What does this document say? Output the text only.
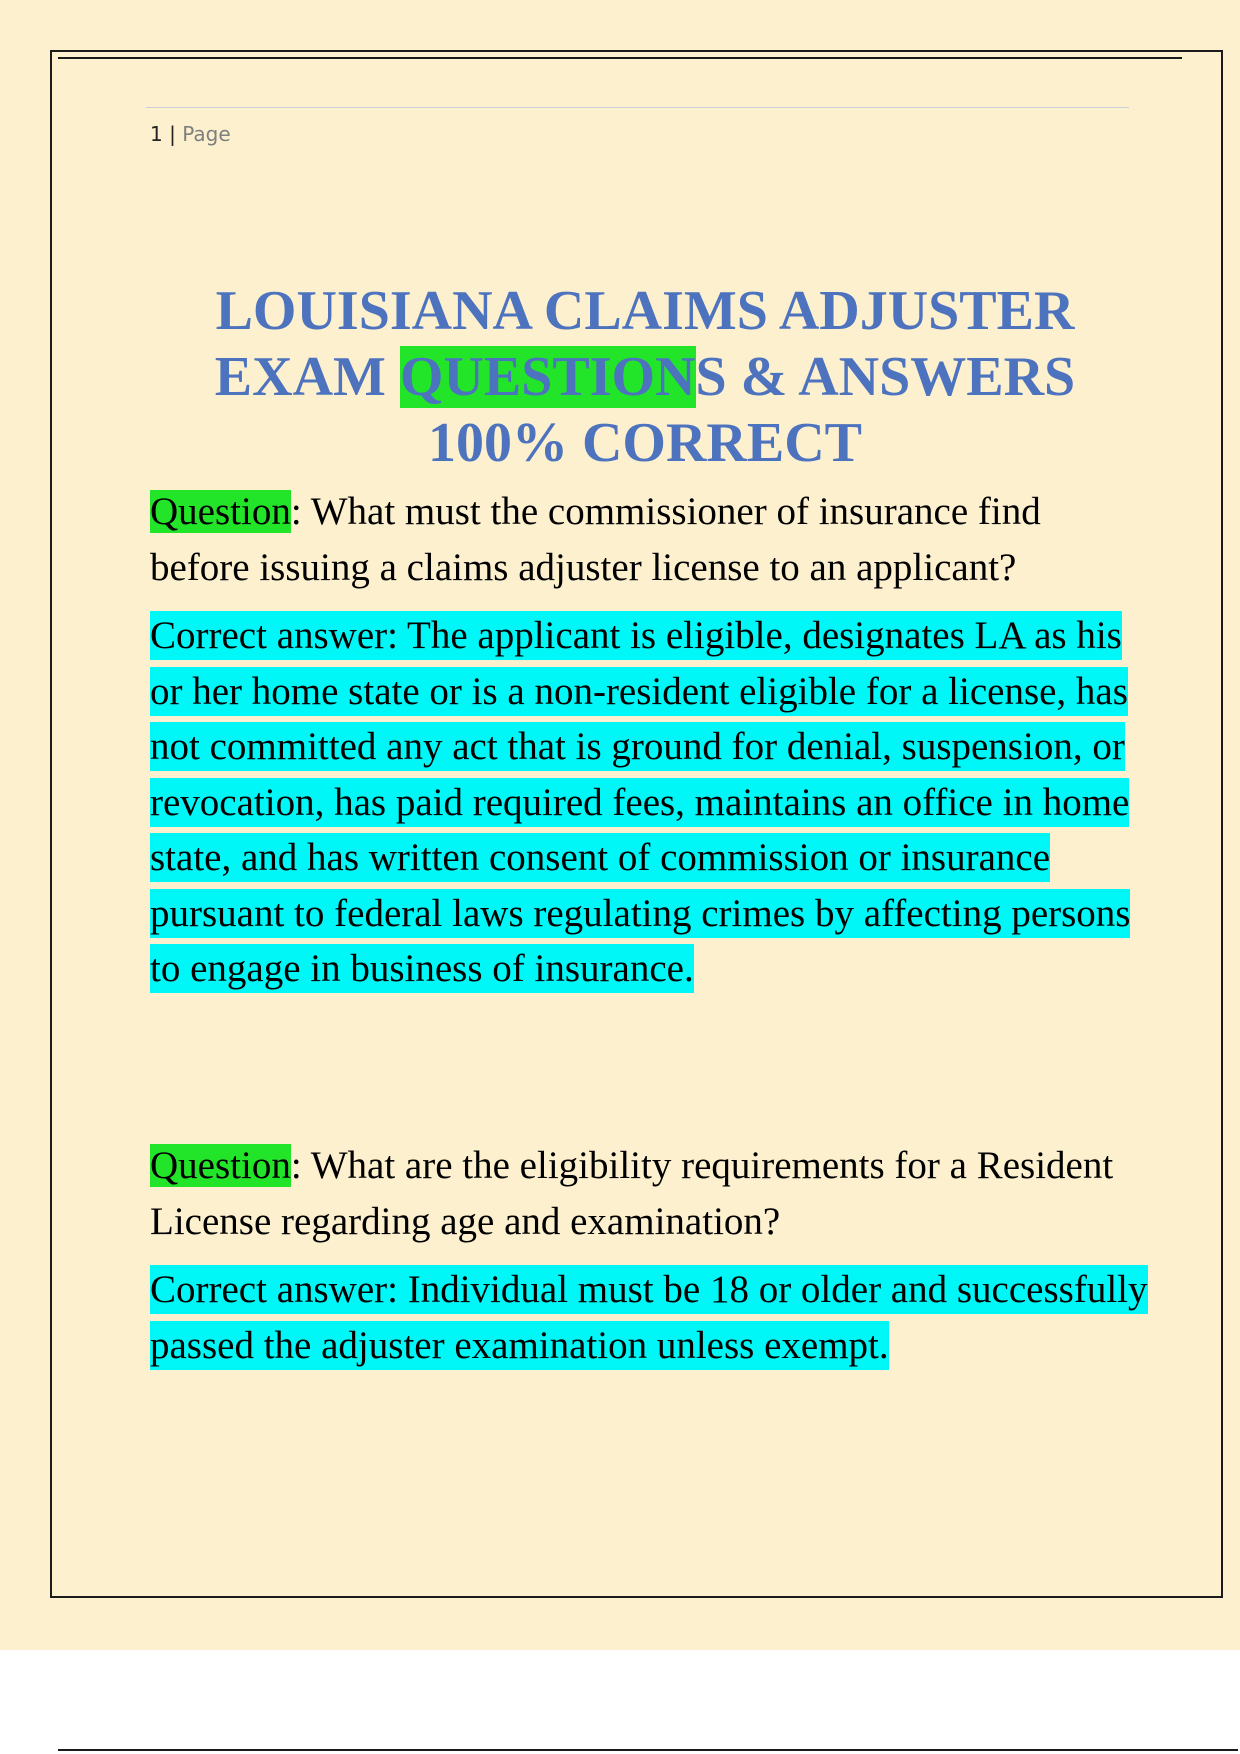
1 | Page
LOUISIANA CLAIMS ADJUSTER
EXAM QUESTIONS & ANSWERS
100% CORRECT
Question: What must the commissioner of insurance find before issuing a claims adjuster license to an applicant?
Correct answer: The applicant is eligible, designates LA as his or her home state or is a non-resident eligible for a license, has not committed any act that is ground for denial, suspension, or revocation, has paid required fees, maintains an office in home state, and has written consent of commission or insurance pursuant to federal laws regulating crimes by affecting persons to engage in business of insurance.
Question: What are the eligibility requirements for a Resident License regarding age and examination?
Correct answer: Individual must be 18 or older and successfully passed the adjuster examination unless exempt.
